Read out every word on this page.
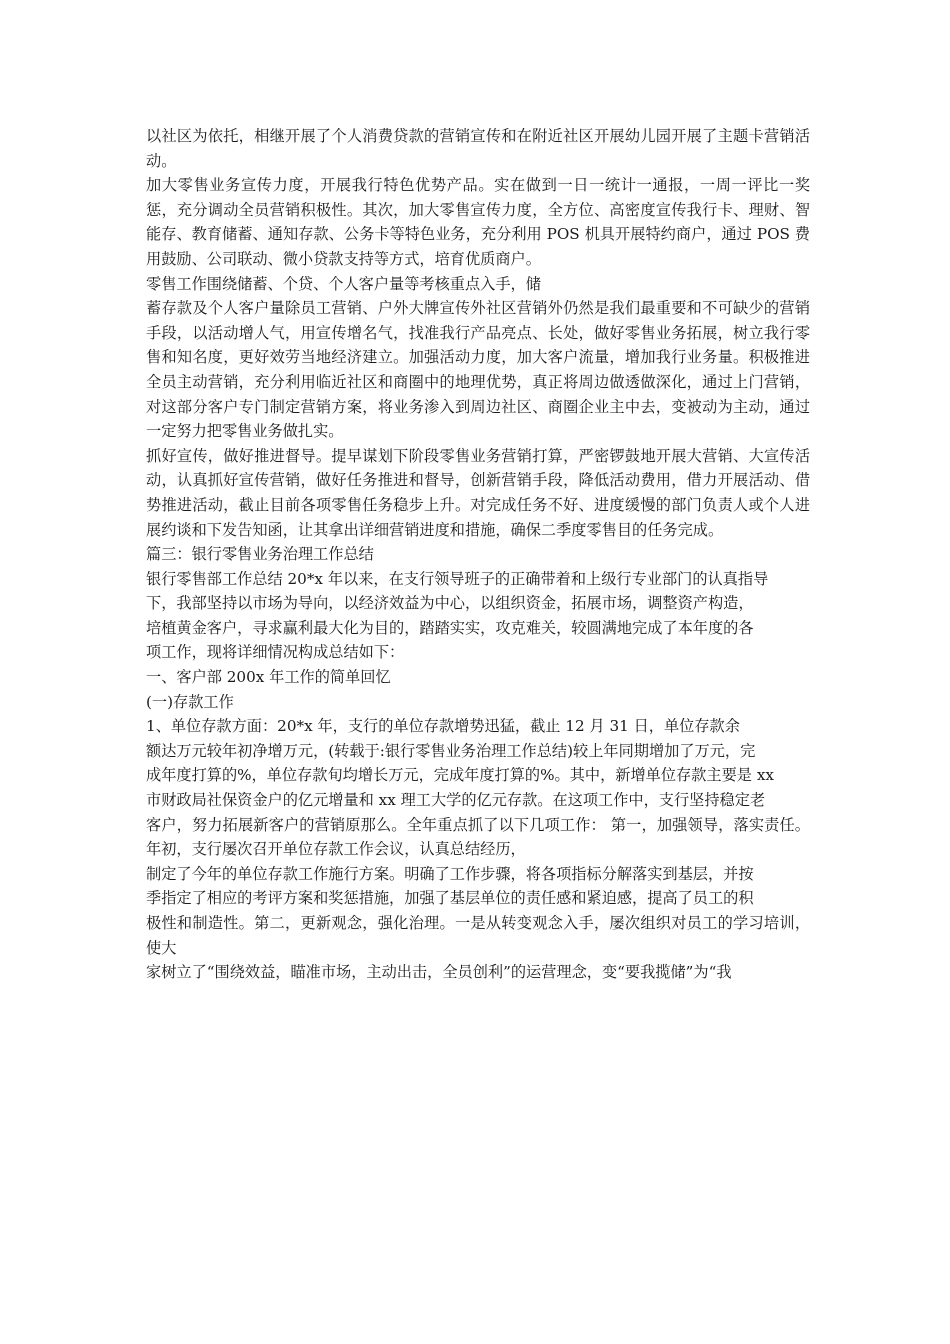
以社区为依托，相继开展了个人消费贷款的营销宣传和在附近社区开展幼儿园开展了主题卡营销活动。

加大零售业务宣传力度，开展我行特色优势产品。实在做到一日一统计一通报，一周一评比一奖惩，充分调动全员营销积极性。其次，加大零售宣传力度，全方位、高密度宣传我行卡、理财、智能存、教育储蓄、通知存款、公务卡等特色业务，充分利用 POS 机具开展特约商户，通过 POS 费用鼓励、公司联动、微小贷款支持等方式，培育优质商户。

零售工作围绕储蓄、个贷、个人客户量等考核重点入手，储

蓄存款及个人客户量除员工营销、户外大牌宣传外社区营销外仍然是我们最重要和不可缺少的营销手段，以活动增人气，用宣传增名气，找准我行产品亮点、长处，做好零售业务拓展，树立我行零售和知名度，更好效劳当地经济建立。加强活动力度，加大客户流量，增加我行业务量。积极推进全员主动营销，充分利用临近社区和商圈中的地理优势，真正将周边做透做深化，通过上门营销，对这部分客户专门制定营销方案，将业务渗入到周边社区、商圈企业主中去，变被动为主动，通过一定努力把零售业务做扎实。

抓好宣传，做好推进督导。提早谋划下阶段零售业务营销打算，严密锣鼓地开展大营销、大宣传活动，认真抓好宣传营销，做好任务推进和督导，创新营销手段，降低活动费用，借力开展活动、借势推进活动，截止目前各项零售任务稳步上升。对完成任务不好、进度缓慢的部门负责人或个人进展约谈和下发告知函，让其拿出详细营销进度和措施，确保二季度零售目的任务完成。

篇三：银行零售业务治理工作总结

银行零售部工作总结 20*x 年以来，在支行领导班子的正确带着和上级行专业部门的认真指导

下，我部坚持以市场为导向，以经济效益为中心，以组织资金，拓展市场，调整资产构造，

培植黄金客户，寻求赢利最大化为目的，踏踏实实，攻克难关，较圆满地完成了本年度的各

项工作，现将详细情况构成总结如下：

一、客户部 200x 年工作的简单回忆

(一)存款工作

1、单位存款方面：20*x 年，支行的单位存款增势迅猛，截止 12 月 31 日，单位存款余

额达万元较年初净增万元，(转载于:银行零售业务治理工作总结)较上年同期增加了万元，完

成年度打算的%，单位存款旬均增长万元，完成年度打算的%。其中，新增单位存款主要是 xx

市财政局社保资金户的亿元增量和 xx 理工大学的亿元存款。在这项工作中，支行坚持稳定老

客户，努力拓展新客户的营销原那么。全年重点抓了以下几项工作： 第一，加强领导，落实责任。年初，支行屡次召开单位存款工作会议，认真总结经历，

制定了今年的单位存款工作施行方案。明确了工作步骤，将各项指标分解落实到基层，并按

季指定了相应的考评方案和奖惩措施，加强了基层单位的责任感和紧迫感，提高了员工的积

极性和制造性。第二，更新观念，强化治理。一是从转变观念入手，屡次组织对员工的学习培训，使大

家树立了“围绕效益，瞄准市场，主动出击，全员创利”的运营理念，变“要我揽储”为“我
